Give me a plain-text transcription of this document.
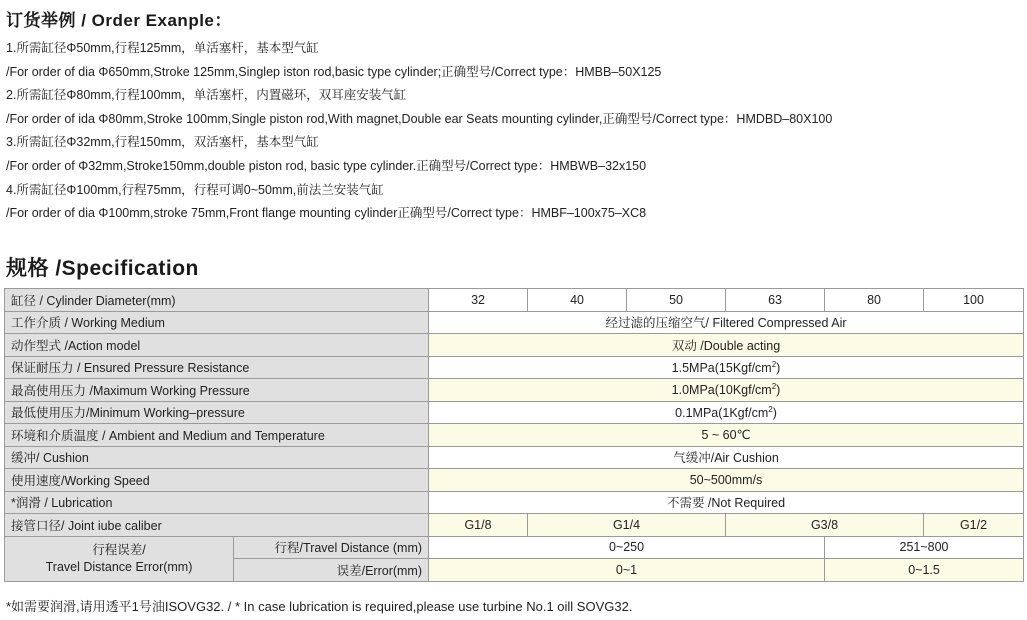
订货举例 / Order Exanple：
1.所需缸径Φ50mm,行程125mm，单活塞杆，基本型气缸
/For order of dia Φ650mm,Stroke 125mm,Singlep iston rod,basic type cylinder;正确型号/Correct type：HMBB–50X125
2.所需缸径Φ80mm,行程100mm，单活塞杆，内置磁环，双耳座安装气缸
/For order of ida Φ80mm,Stroke 100mm,Single piston rod,With magnet,Double ear Seats mounting cylinder,正确型号/Correct type：HMDBD–80X100
3.所需缸径Φ32mm,行程150mm，双活塞杆，基本型气缸
/For order of Φ32mm,Stroke150mm,double piston rod, basic type cylinder.正确型号/Correct type：HMBWB–32x150
4.所需缸径Φ100mm,行程75mm，行程可调0~50mm,前法兰安装气缸
/For order of dia Φ100mm,stroke 75mm,Front flange mounting cylinder正确型号/Correct type：HMBF–100x75–XC8
规格 /Specification
缸径 / Cylinder Diameter(mm)		32	40	50	63	80	100
工作介质 / Working Medium		经过滤的压缩空气/ Filtered Compressed Air					
动作型式 /Action model		双动 /Double acting					
保证耐压力 / Ensured Pressure Resistance		$1.5MPa(15Kgf/cm^2)$					
最高使用压力 /Maximum Working Pressure		$1.0MPa(10Kgf/cm^2)$					
最低使用压力/Minimum Working–pressure		$0.1MPa(1Kgf/cm^2)$					
环境和介质温度 / Ambient and Medium and Temperature		5 ~ 60℃					
缓冲/ Cushion		气缓冲/Air Cushion					
使用速度/Working Speed		50~500mm/s					
*润滑 / Lubrication		不需要 /Not Required					
接管口径/ Joint iube caliber		G1/8	G1/4		G3/8		G1/2

行程误差/
Travel Distance Error(mm)	行程/Travel Distance (mm)	0~250				251~800	
	误差/Error(mm)	0~1				0~1.5	
*如需要润滑,请用透平1号油ISOVG32. / * In case lubrication is required,please use turbine No.1 oill SOVG32.
